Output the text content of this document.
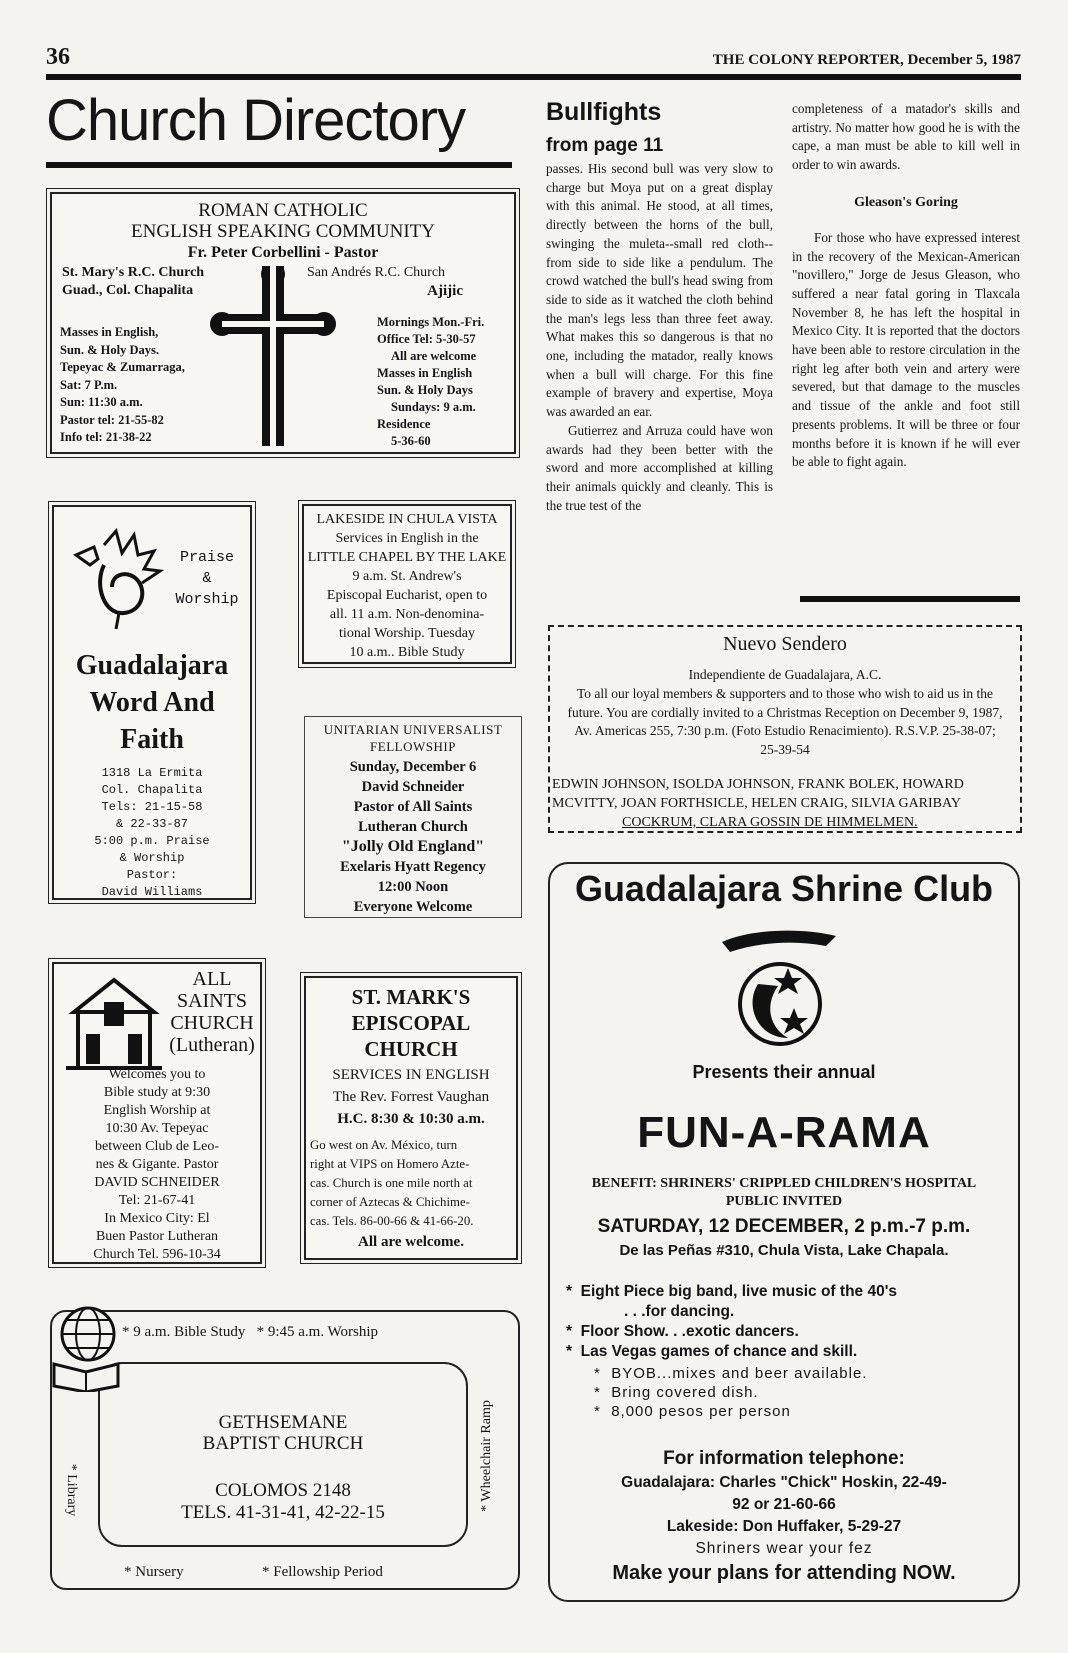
36	THE COLONY REPORTER, December 5, 1987
Church Directory
ROMAN CATHOLIC
ENGLISH SPEAKING COMMUNITY
Fr. Peter Corbellini - Pastor
St. Mary's R.C. Church
Guad., Col. Chapalita
San Andrés R.C. Church
Ajijic
Masses in English,
Sun. & Holy Days.
Tepeyac & Zumarraga,
Sat: 7 P.m.
Sun: 11:30 a.m.
Pastor tel: 21-55-82
Info tel: 21-38-22
Mornings Mon.-Fri.
Office Tel: 5-30-57
All are welcome
Masses in English
Sun. & Holy Days
Sundays: 9 a.m.
Residence
5-36-60
Praise
&
Worship
Guadalajara
Word And
Faith
1318 La Ermita
Col. Chapalita
Tels: 21-15-58
& 22-33-87
5:00 p.m. Praise
& Worship
Pastor:
David Williams
LAKESIDE IN CHULA VISTA
Services in English in the
LITTLE CHAPEL BY THE LAKE
9 a.m. St. Andrew's
Episcopal Eucharist, open to
all. 11 a.m. Non-denomina-
tional Worship. Tuesday
10 a.m.. Bible Study
UNITARIAN UNIVERSALIST
FELLOWSHIP
Sunday, December 6
David Schneider
Pastor of All Saints
Lutheran Church
"Jolly Old England"
Exelaris Hyatt Regency
12:00 Noon
Everyone Welcome
ALL
SAINTS
CHURCH
(Lutheran)
Welcomes you to
Bible study at 9:30
English Worship at
10:30 Av. Tepeyac
between Club de Leo-
nes & Gigante. Pastor
DAVID SCHNEIDER
Tel: 21-67-41
In Mexico City: El
Buen Pastor Lutheran
Church Tel. 596-10-34
ST. MARK'S
EPISCOPAL
CHURCH
SERVICES IN ENGLISH
The Rev. Forrest Vaughan
H.C. 8:30 & 10:30 a.m.
Go west on Av. México, turn
right at VIPS on Homero Azte-
cas. Church is one mile north at
corner of Aztecas & Chichime-
cas. Tels. 86-00-66 & 41-66-20.
All are welcome.
* 9 a.m. Bible Study   * 9:45 a.m. Worship
GETHSEMANE
BAPTIST CHURCH
COLOMOS 2148
TELS. 41-31-41, 42-22-15
* Library	* Wheelchair Ramp
* Nursery	* Fellowship Period
Bullfights
from page 11

passes. His second bull was very slow to charge but Moya put on a great display with this animal. He stood, at all times, directly between the horns of the bull, swinging the muleta--small red cloth--from side to side like a pendulum. The crowd watched the bull's head swing from side to side as it watched the cloth behind the man's legs less than three feet away. What makes this so dangerous is that no one, including the matador, really knows when a bull will charge. For this fine example of bravery and expertise, Moya was awarded an ear.

Gutierrez and Arruza could have won awards had they been better with the sword and more accomplished at killing their animals quickly and cleanly. This is the true test of the

completeness of a matador's skills and artistry. No matter how good he is with the cape, a man must be able to kill well in order to win awards.

Gleason's Goring

For those who have expressed interest in the recovery of the Mexican-American "novillero," Jorge de Jesus Gleason, who suffered a near fatal goring in Tlaxcala November 8, he has left the hospital in Mexico City. It is reported that the doctors have been able to restore circulation in the right leg after both vein and artery were severed, but that damage to the muscles and tissue of the ankle and foot still presents problems. It will be three or four months before it is known if he will ever be able to fight again.

Nuevo Sendero
Independiente de Guadalajara, A.C.
To all our loyal members & supporters and to those who wish to aid us in the future. You are cordially invited to a Christmas Reception on December 9, 1987, Av. Americas 255, 7:30 p.m. (Foto Estudio Renacimiento). R.S.V.P. 25-38-07; 25-39-54
EDWIN JOHNSON, ISOLDA JOHNSON, FRANK BOLEK, HOWARD
MCVITTY, JOAN FORTHSICLE, HELEN CRAIG, SILVIA GARIBAY
COCKRUM, CLARA GOSSIN DE HIMMELMEN.
Guadalajara Shrine Club
Presents their annual
FUN-A-RAMA
BENEFIT: SHRINERS' CRIPPLED CHILDREN'S HOSPITAL
PUBLIC INVITED
SATURDAY, 12 DECEMBER, 2 p.m.-7 p.m.
De las Peñas #310, Chula Vista, Lake Chapala.
*  Eight Piece big band, live music of the 40's
. . .for dancing.
*  Floor Show. . .exotic dancers.
*  Las Vegas games of chance and skill.
*  BYOB...mixes and beer available.
*  Bring covered dish.
*  8,000 pesos per person
For information telephone:
Guadalajara: Charles "Chick" Hoskin, 22-49-
92 or 21-60-66
Lakeside: Don Huffaker, 5-29-27
Shriners wear your fez
Make your plans for attending NOW.
